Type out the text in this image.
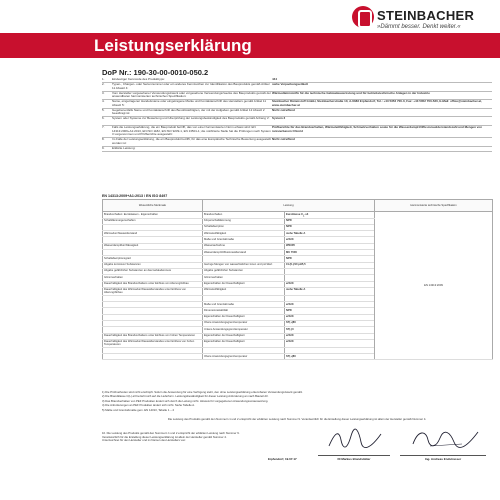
STEINBACHER
»Dämmt besser. Denkt weiter.«
Leistungserklärung
DoP Nr.: 190-30-00-0010-050.2
1.	Eindeutiger Kenncode des Produkttyps:	444
2.	Typen-, Chargen- oder Seriennummer oder ein anderes Kennzeichen zur Identifikation des Bauprodukts gemäß Artikel 11 Absatz 4:
siehe Verpackungsetikett
3.	Vom Hersteller vorgesehener Verwendungszweck oder vorgesehene Verwendungszwecke des Bauprodukts gemäß der anwendbaren harmonisierten technischen Spezifikation:
Wärmedämmstoffe für die technische Gebäudeausrüstung und für betriebstechnische Anlagen in der Industrie
4.	Name, eingetragener Handelsname oder eingetragene Marke und Kontaktanschrift des Herstellers gemäß Artikel 11 Absatz 5:
Steinbacher Dämmstoff GmbH, Steinbacherstraße 10, A-6383 Erpfendorf, Tel.: +43 5352 700-0, Fax: +43 5352 700-530, E-Mail: office@steinbacher.at, www.steinbacher.at
5.	Gegebenenfalls Name und Kontaktanschrift des Bevollmächtigten, der mit der Aufgaben gemäß Artikel 12 Absatz 2 beauftragt ist:
Nicht zutreffend
6.	System oder Systeme zur Bewertung und Überprüfung der Leistungsbeständigkeit des Bauprodukts gemäß Anhang V: System 3
7.	Falls die Leistungserklärung, die ein Bauprodukt betrifft, das von einer harmonisierten Norm erfasst wird: EN 14313:2009+A1:2013, EN ISO 1182, EN ISO 9239-1, EN 13501-1; die notifizierte Stelle hat die Prüfungen nach System 3 vorgenommen und Prüfberichte ausgestellt:
Prüfberichte für das Brandverhalten, Wärmeleitfähigkeit, Schmelzverhalten sowie für die Wasserdampf-Diffusionswiderstandszahl und Mengen von ionisierbarem Chlorid
8.	Im Falle der Leistungserklärung, die ein Bauprodukt betrifft, für das eine Europäische Technische Bewertung ausgestellt worden ist:
Nicht zutreffend
9.	Erklärte Leistung:
EN 14313:2009+A1:2013 / EN ISO 8497
Wesentliche Merkmale	Leistung		Harmonisierte technische Spezifikation
Brandverhalten: Euroklassen - Eigenschaften	Brandverhalten	Euroklasse $C_L-s3$	EN 14313:2009
Schalldämmeigenschaften	Körperschalldämmung	NPD	
	Schallabsorption	NPD	
Wärmedurchlasswiderstand	Wärmeleitfähigkeit	siehe Tabelle A	
	Maße und Grenzabmaße	erfüllt	
Wasserdampfdurchlässigkeit	Wasseraufnahme	WS005	
	Wasserdampf-Diffusionswiderstand	MU 7000	
Schallabsorptionsgrad		NPD	
Abgabe korrosiver Substanzen	Geringe Mengen von wasserlöslichen Ionen und pH-Wert	CL(0-)/10 pH5,5	
Abgabe gefährlicher Substanzen an das Gebäudeinnere	Abgabe gefährlicher Substanzen		
Glimmverhalten	Glimmverhalten		
Dauerhaftigkeit des Brandverhaltens unter Einfluss von Alterung/Abbau	Eigenschaften der Dauerhaftigkeit	erfüllt	
Dauerhaftigkeit des Wärmedurchlasswiderstandes unter Einfluss von Alterung/Abbau	Wärmeleitfähigkeit	siehe Tabelle A	

	Maße und Grenzabmaße	erfüllt	
	Dimensionsstabilität	NPD	
	Eigenschaften der Dauerhaftigkeit	erfüllt	
	Obere Anwendungsgrenztemperatur	ST(+)80	
	Untere Anwendungsgrenztemperatur	ST(-)0	
Dauerhaftigkeit des Brandverhaltens unter Einfluss von hohen Temperaturen	Eigenschaften der Dauerhaftigkeit	erfüllt	
Dauerhaftigkeit des Wärmedurchlasswiderstandes unter Einfluss von hohen Temperaturen	Eigenschaften der Dauerhaftigkeit	erfüllt	

	Obere Anwendungsgrenztemperatur	ST(+)80	
1) Die Prüfmethoden sind nicht erschöpft. Sofern die Anwendung für eine Verfügung steht, den ohne Leistungserklärung erkennbaren Verwendungszweck gemäß.
2) Die Brandklasse C(L)-s3 bezieht sich auf die Lieferform. Leistungsbeständigkeit für dieser Leistung Anforderung an nach Bauteil d3.
3) Das Brandverhalten von PEF Produkten ändert sich durch die Leitung nicht. Hinweis für vorgegebenen Anwendungsvoraussetzung.
4) Die Anforderungen an PEF Produkten ändert sich nicht. Siehe Tabelle A.
5) Maße und Grenzabmaße gem. EN 14313, Tabelle 1 – 2
Die Leistung des Produkts gemäß den Nummern 1 und 2 entspricht der erklärten Leistung nach Nummer 9. Verantwortlich für die Erstellung dieser Leistungserklärung ist allein der Hersteller gemäß Nummer 4.
10. Die Leistung des Produkts gemäß den Nummern 1 und 2 entspricht der erklärten Leistung nach Nummer 9. Verantwortlich für die Erstellung dieser Leistungserklärung ist allein der Hersteller gemäß Nummer 4. Unterzeichnet für den Hersteller und im Namen des Herstellers von:
Erpfendorf, 19.07.17	DI Markus Brandstätter	Ing. Andreas Endstrasser
